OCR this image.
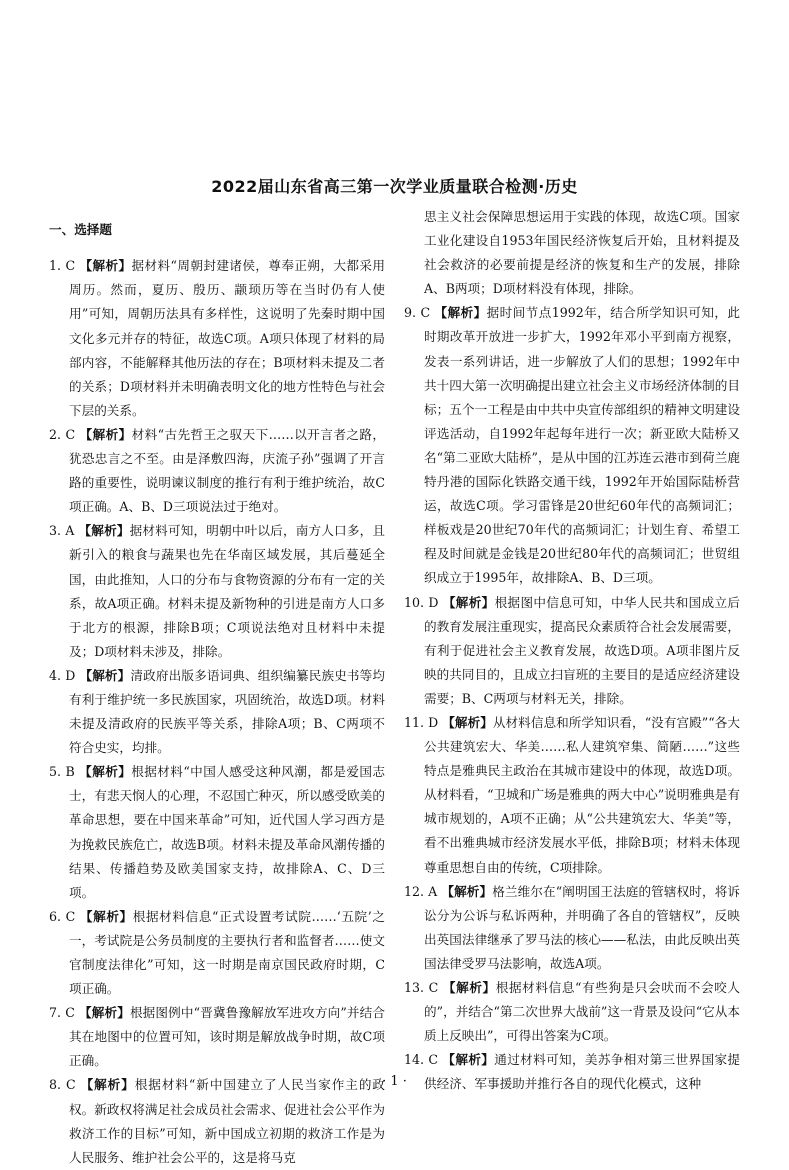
2022届山东省高三第一次学业质量联合检测·历史

一、选择题

1. C 【解析】据材料“周朝封建诸侯，尊奉正朔，大都采用周历。然而，夏历、殷历、颛顼历等在当时仍有人使用”可知，周朝历法具有多样性，这说明了先秦时期中国文化多元并存的特征，故选C项。A项只体现了材料的局部内容，不能解释其他历法的存在；B项材料未提及二者的关系；D项材料并未明确表明文化的地方性特色与社会下层的关系。

2. C 【解析】材料“古先哲王之驭天下……以开言者之路，犹恐忠言之不至。由是泽敷四海，庆流子孙”强调了开言路的重要性，说明谏议制度的推行有利于维护统治，故C项正确。A、B、D三项说法过于绝对。

3. A 【解析】据材料可知，明朝中叶以后，南方人口多，且新引入的粮食与蔬果也先在华南区域发展，其后蔓延全国，由此推知，人口的分布与食物资源的分布有一定的关系，故A项正确。材料未提及新物种的引进是南方人口多于北方的根源，排除B项；C项说法绝对且材料中未提及；D项材料未涉及，排除。

4. D 【解析】清政府出版多语词典、组织编纂民族史书等均有利于维护统一多民族国家，巩固统治，故选D项。材料未提及清政府的民族平等关系，排除A项；B、C两项不符合史实，均排。

5. B 【解析】根据材料“中国人感受这种风潮，都是爱国志士，有悲天悯人的心理，不忍国亡种灭，所以感受欧美的革命思想，要在中国来革命”可知，近代国人学习西方是为挽救民族危亡，故选B项。材料未提及革命风潮传播的结果、传播趋势及欧美国家支持，故排除A、C、D三项。

6. C 【解析】根据材料信息“正式设置考试院……‘五院’之一，考试院是公务员制度的主要执行者和监督者……使文官制度法律化”可知，这一时期是南京国民政府时期，C项正确。

7. C 【解析】根据图例中“晋冀鲁豫解放军进攻方向”并结合其在地图中的位置可知，该时期是解放战争时期，故C项正确。

8. C 【解析】根据材料“新中国建立了人民当家作主的政权。新政权将满足社会成员社会需求、促进社会公平作为救济工作的目标”可知，新中国成立初期的救济工作是为人民服务、维护社会公平的，这是将马克

思主义社会保障思想运用于实践的体现，故选C项。国家工业化建设自1953年国民经济恢复后开始，且材料提及社会救济的必要前提是经济的恢复和生产的发展，排除A、B两项；D项材料没有体现，排除。

9. C 【解析】据时间节点1992年，结合所学知识可知，此时期改革开放进一步扩大，1992年邓小平到南方视察，发表一系列讲话，进一步解放了人们的思想；1992年中共十四大第一次明确提出建立社会主义市场经济体制的目标；五个一工程是由中共中央宣传部组织的精神文明建设评选活动，自1992年起每年进行一次；新亚欧大陆桥又名“第二亚欧大陆桥”，是从中国的江苏连云港市到荷兰鹿特丹港的国际化铁路交通干线，1992年开始国际陆桥营运，故选C项。学习雷锋是20世纪60年代的高频词汇；样板戏是20世纪70年代的高频词汇；计划生育、希望工程及时间就是金钱是20世纪80年代的高频词汇；世贸组织成立于1995年，故排除A、B、D三项。

10. D 【解析】根据图中信息可知，中华人民共和国成立后的教育发展注重现实，提高民众素质符合社会发展需要，有利于促进社会主义教育发展，故选D项。A项非图片反映的共同目的，且成立扫盲班的主要目的是适应经济建设需要；B、C两项与材料无关，排除。

11. D 【解析】从材料信息和所学知识看，“没有宫殿”“各大公共建筑宏大、华美……私人建筑窄集、简陋……”这些特点是雅典民主政治在其城市建设中的体现，故选D项。从材料看，“卫城和广场是雅典的两大中心”说明雅典是有城市规划的，A项不正确；从“公共建筑宏大、华美”等，看不出雅典城市经济发展水平低，排除B项；材料未体现尊重思想自由的传统，C项排除。

12. A 【解析】格兰维尔在“阐明国王法庭的管辖权时，将诉讼分为公诉与私诉两种，并明确了各自的管辖权”，反映出英国法律继承了罗马法的核心——私法，由此反映出英国法律受罗马法影响，故选A项。

13. C 【解析】根据材料信息“有些狗是只会吠而不会咬人的”，并结合“第二次世界大战前”这一背景及设问“它从本质上反映出”，可得出答案为C项。

14. C 【解析】通过材料可知，美苏争相对第三世界国家提供经济、军事援助并推行各自的现代化模式，这种

· 1 ·
